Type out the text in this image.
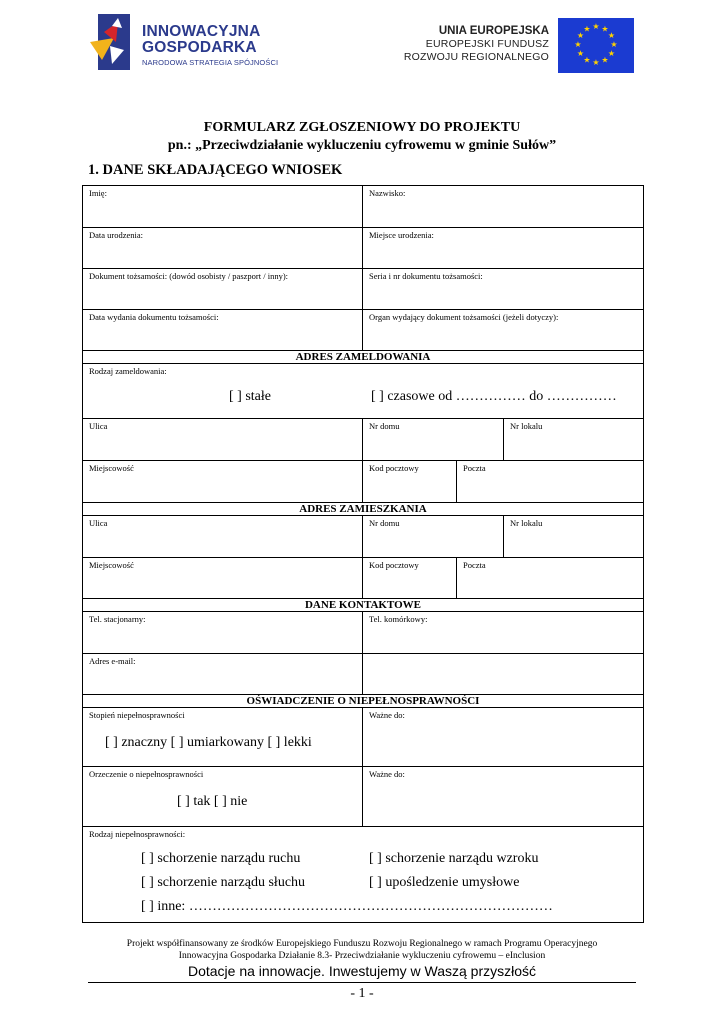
INNOWACYJNA
GOSPODARKA
NARODOWA STRATEGIA SPÓJNOŚCI
UNIA EUROPEJSKA
EUROPEJSKI FUNDUSZ
ROZWOJU REGIONALNEGO
★ ★
★
★
★
★
★
★
★
★
★
★
FORMULARZ ZGŁOSZENIOWY DO PROJEKTU
pn.: „Przeciwdziałanie wykluczeniu cyfrowemu w gminie Sułów”
1. DANE SKŁADAJĄCEGO WNIOSEK
Imię:	Nazwisko:
Data urodzenia:	Miejsce urodzenia:
Dokument tożsamości: (dowód osobisty / paszport / inny):	Seria i nr dokumentu tożsamości:
Data wydania dokumentu tożsamości:	Organ wydający dokument tożsamości (jeżeli dotyczy):
ADRES ZAMELDOWANIA
Rodzaj zameldowania:
[ ] stałe	[ ] czasowe od …………… do ……………
Ulica	Nr domu	Nr lokalu
Miejscowość	Kod pocztowy	Poczta
ADRES ZAMIESZKANIA
Ulica	Nr domu	Nr lokalu
Miejscowość	Kod pocztowy	Poczta
DANE KONTAKTOWE
Tel. stacjonarny:	Tel. komórkowy:
Adres e-mail:
OŚWIADCZENIE O NIEPEŁNOSPRAWNOŚCI
Stopień niepełnosprawności
[ ] znaczny [ ] umiarkowany [ ] lekki
Ważne do:
Orzeczenie o niepełnosprawności
[ ] tak [ ] nie
Ważne do:
Rodzaj niepełnosprawności:
[ ] schorzenie narządu ruchu	[ ] schorzenie narządu wzroku
[ ] schorzenie narządu słuchu	[ ] upośledzenie umysłowe
[ ] inne: ……………………………………………………………………
Projekt współfinansowany ze środków Europejskiego Funduszu Rozwoju Regionalnego w ramach Programu Operacyjnego
Innowacyjna Gospodarka Działanie 8.3- Przeciwdziałanie wykluczeniu cyfrowemu – eInclusion
Dotacje na innowacje. Inwestujemy w Waszą przyszłość
- 1 -
